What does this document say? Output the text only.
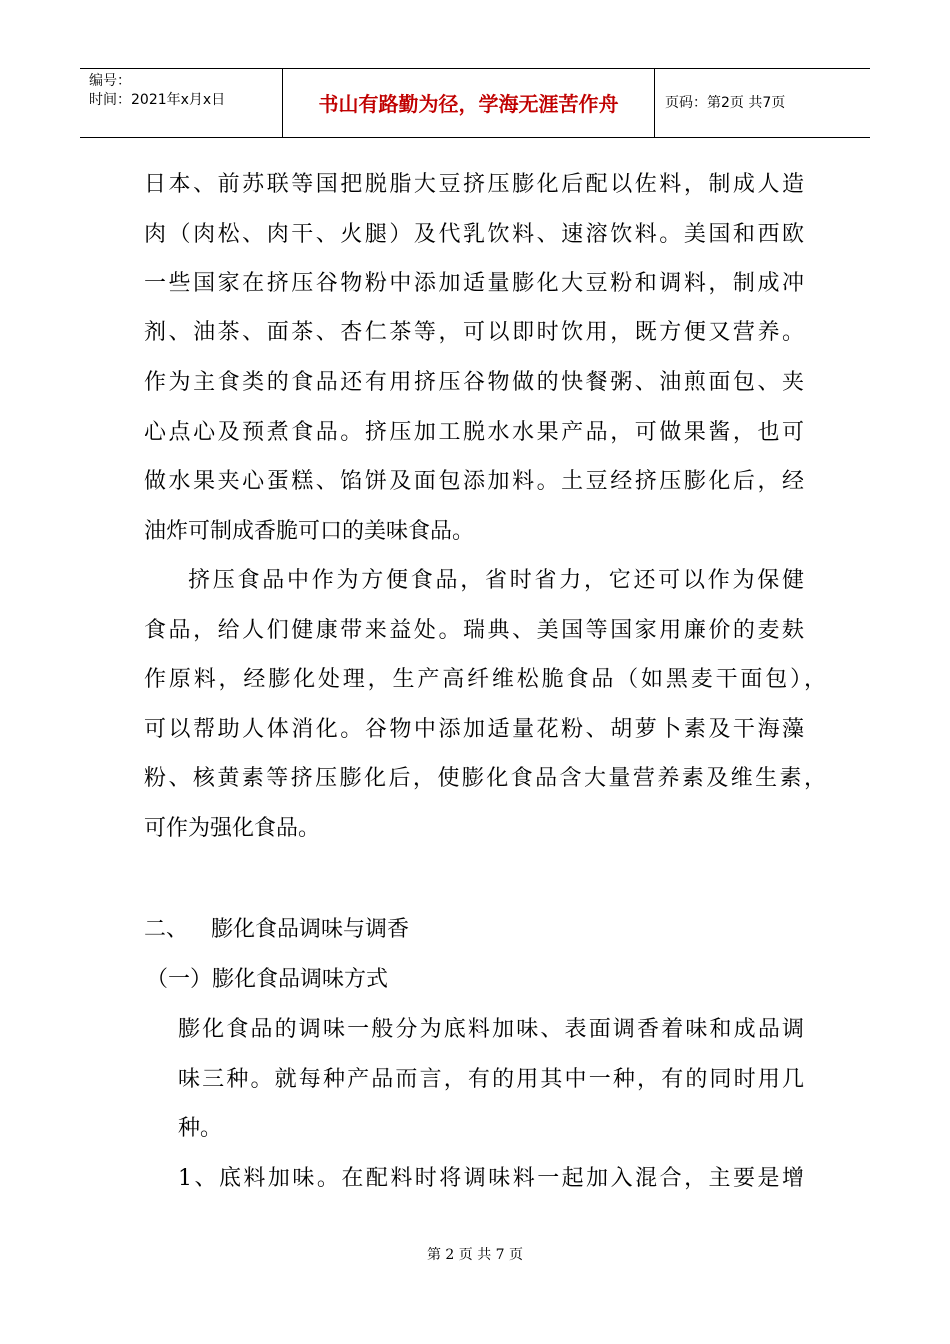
编号：
时间：2021年x月x日	书山有路勤为径，学海无涯苦作舟	页码：第2页 共7页
日本、前苏联等国把脱脂大豆挤压膨化后配以佐料，制成人造
肉（肉松、肉干、火腿）及代乳饮料、速溶饮料。美国和西欧
一些国家在挤压谷物粉中添加适量膨化大豆粉和调料，制成冲
剂、油茶、面茶、杏仁茶等，可以即时饮用，既方便又营养。
作为主食类的食品还有用挤压谷物做的快餐粥、油煎面包、夹
心点心及预煮食品。挤压加工脱水水果产品，可做果酱，也可
做水果夹心蛋糕、馅饼及面包添加料。土豆经挤压膨化后，经
油炸可制成香脆可口的美味食品。
挤压食品中作为方便食品，省时省力，它还可以作为保健
食品，给人们健康带来益处。瑞典、美国等国家用廉价的麦麸
作原料，经膨化处理，生产高纤维松脆食品（如黑麦干面包），
可以帮助人体消化。谷物中添加适量花粉、胡萝卜素及干海藻
粉、核黄素等挤压膨化后，使膨化食品含大量营养素及维生素，
可作为强化食品。
二、 膨化食品调味与调香
（一）膨化食品调味方式
膨化食品的调味一般分为底料加味、表面调香着味和成品调
味三种。就每种产品而言，有的用其中一种，有的同时用几
种。
1、底料加味。在配料时将调味料一起加入混合，主要是增
第 2 页 共 7 页
